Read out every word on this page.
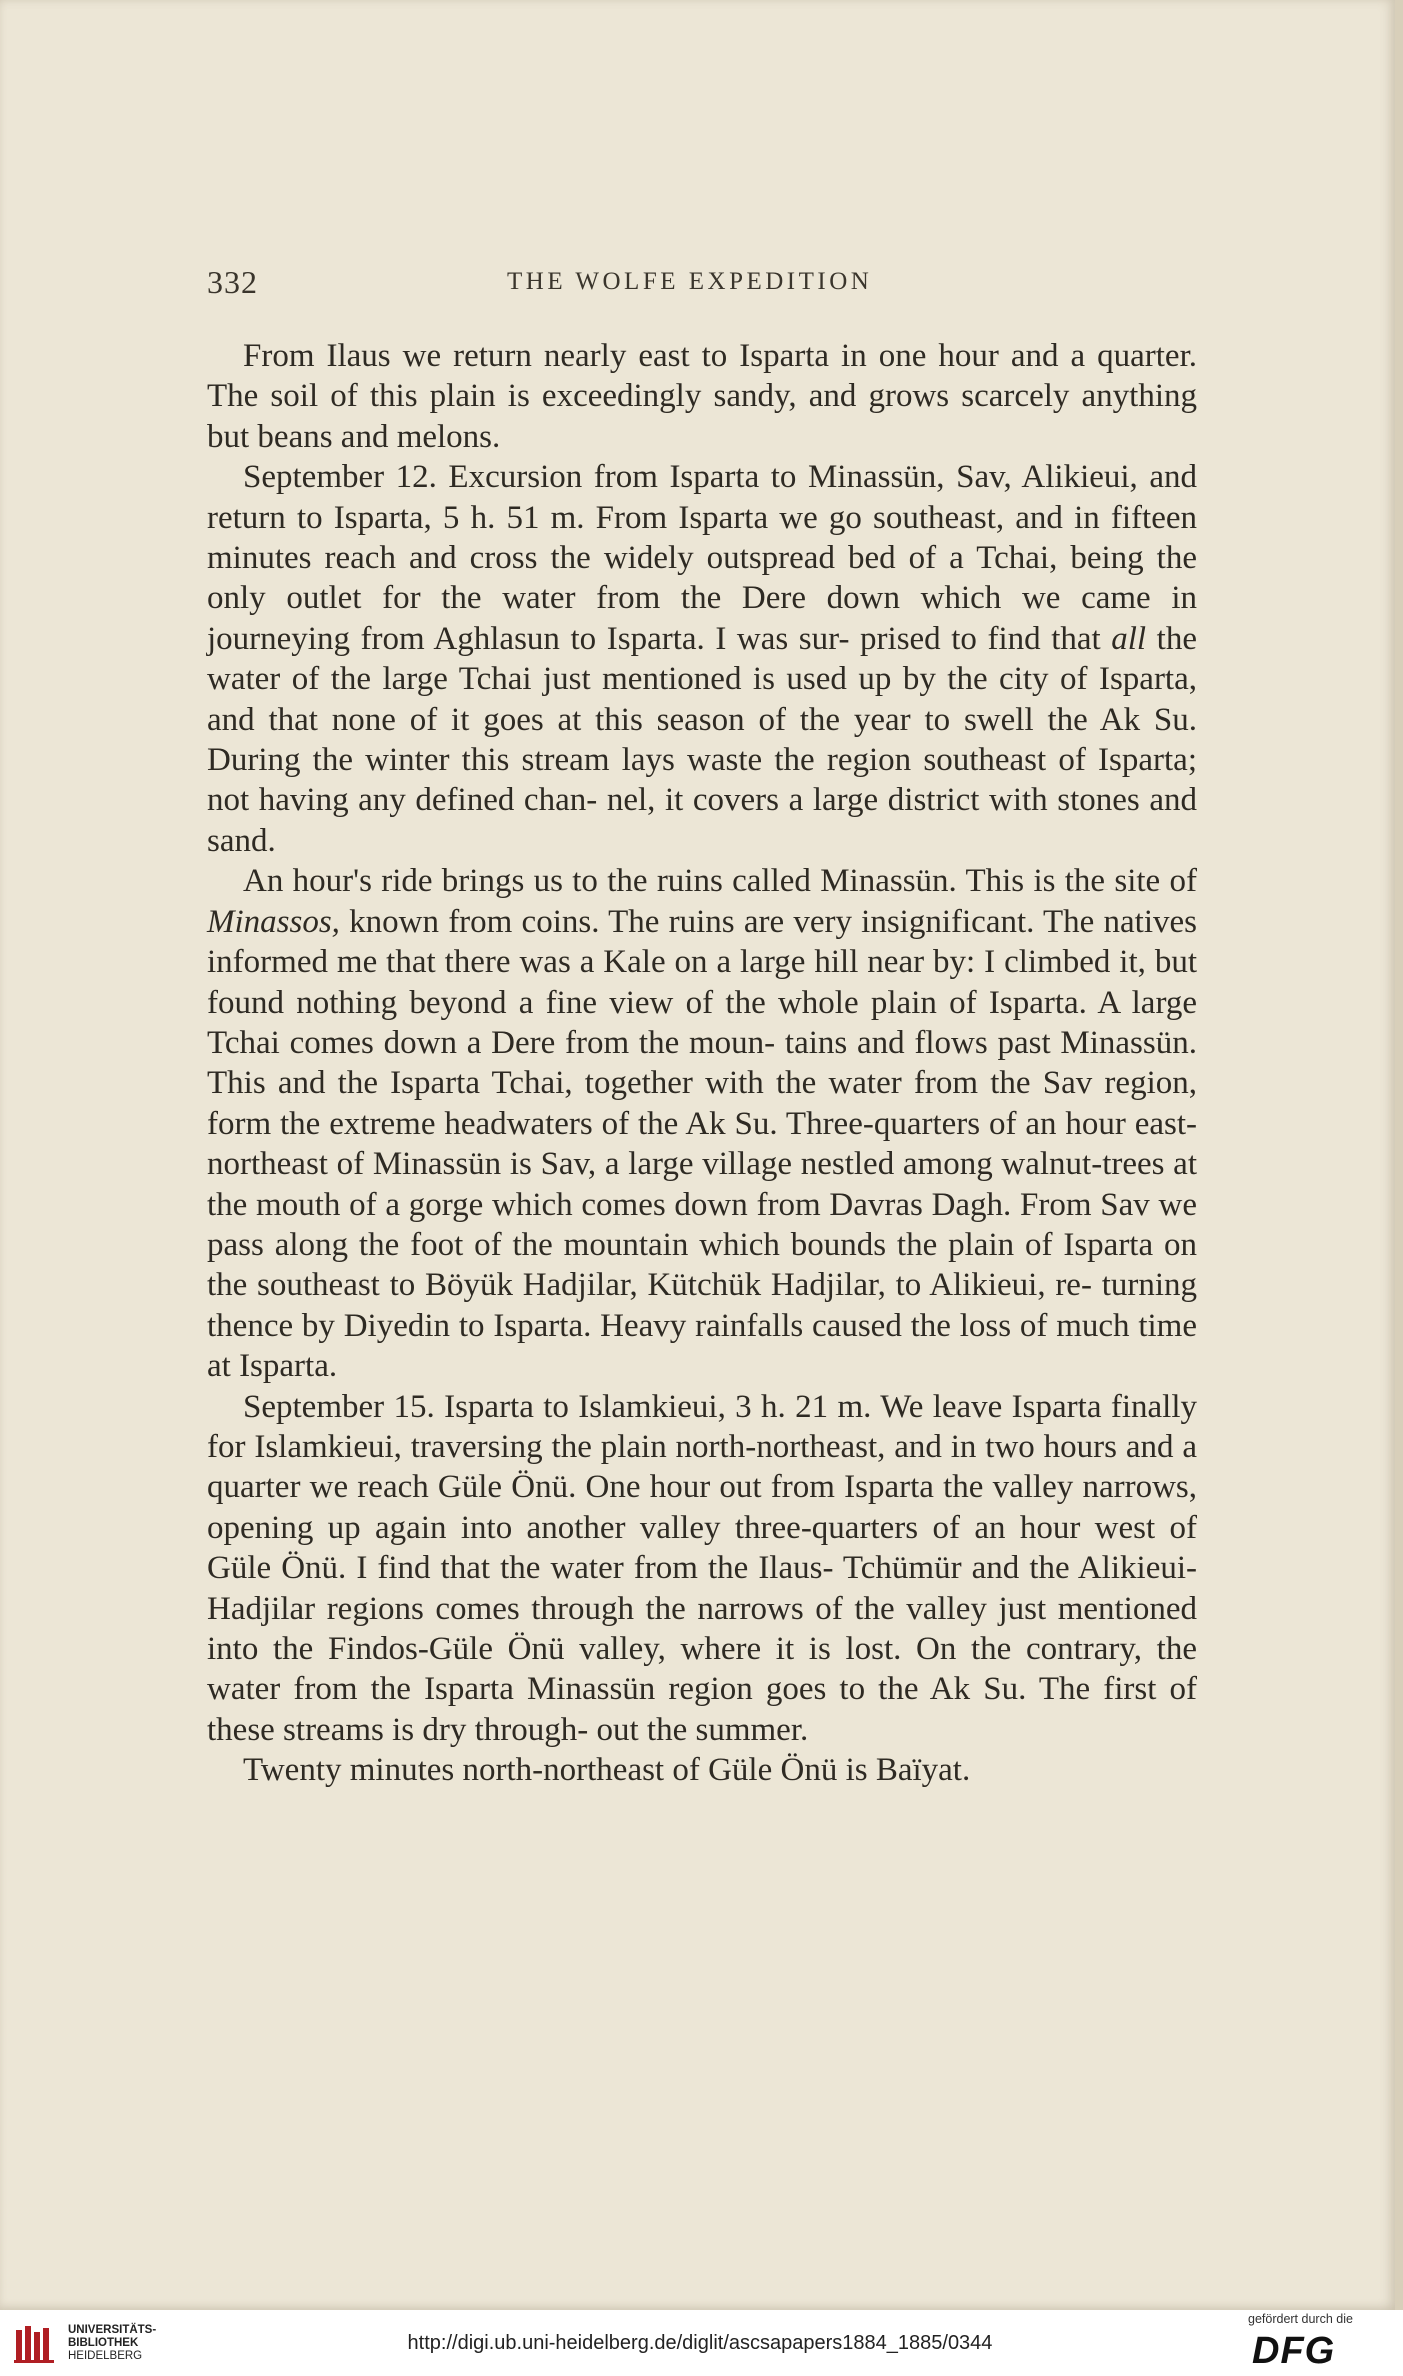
332	THE WOLFE EXPEDITION

From Ilaus we return nearly east to Isparta in one hour and a quarter. The soil of this plain is exceedingly sandy, and grows scarcely anything but beans and melons.

September 12. Excursion from Isparta to Minassün, Sav, Alikieui, and return to Isparta, 5 h. 51 m. From Isparta we go southeast, and in fifteen minutes reach and cross the widely outspread bed of a Tchai, being the only outlet for the water from the Dere down which we came in journeying from Aghlasun to Isparta. I was sur- prised to find that all the water of the large Tchai just mentioned is used up by the city of Isparta, and that none of it goes at this season of the year to swell the Ak Su. During the winter this stream lays waste the region southeast of Isparta; not having any defined chan- nel, it covers a large district with stones and sand.

An hour's ride brings us to the ruins called Minassün. This is the site of Minassos, known from coins. The ruins are very insignificant. The natives informed me that there was a Kale on a large hill near by: I climbed it, but found nothing beyond a fine view of the whole plain of Isparta. A large Tchai comes down a Dere from the moun- tains and flows past Minassün. This and the Isparta Tchai, together with the water from the Sav region, form the extreme headwaters of the Ak Su. Three-quarters of an hour east-northeast of Minassün is Sav, a large village nestled among walnut-trees at the mouth of a gorge which comes down from Davras Dagh. From Sav we pass along the foot of the mountain which bounds the plain of Isparta on the southeast to Böyük Hadjilar, Kütchük Hadjilar, to Alikieui, re- turning thence by Diyedin to Isparta. Heavy rainfalls caused the loss of much time at Isparta.

September 15. Isparta to Islamkieui, 3 h. 21 m. We leave Isparta finally for Islamkieui, traversing the plain north-northeast, and in two hours and a quarter we reach Güle Önü. One hour out from Isparta the valley narrows, opening up again into another valley three-quarters of an hour west of Güle Önü. I find that the water from the Ilaus- Tchümür and the Alikieui-Hadjilar regions comes through the narrows of the valley just mentioned into the Findos-Güle Önü valley, where it is lost. On the contrary, the water from the Isparta Minassün region goes to the Ak Su. The first of these streams is dry through- out the summer.

Twenty minutes north-northeast of Güle Önü is Baïyat.

UNIVERSITÄTS-
BIBLIOTHEK
HEIDELBERG
http://digi.ub.uni-heidelberg.de/diglit/ascsapapers1884_1885/0344
gefördert durch die
DFG
